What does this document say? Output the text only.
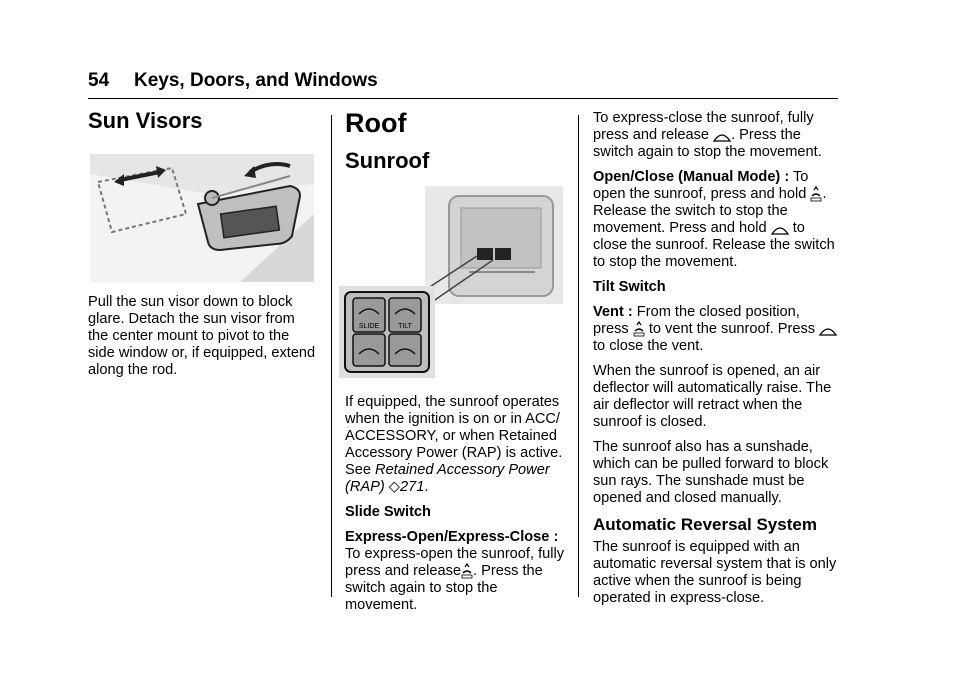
54 Keys, Doors, and Windows
Sun Visors

Pull the sun visor down to block glare. Detach the sun visor from the center mount to pivot to the side window or, if equipped, extend along the rod.

Roof
Sunroof
SLIDE	TILT

If equipped, the sunroof operates when the ignition is on or in ACC/ ACCESSORY, or when Retained Accessory Power (RAP) is active. See Retained Accessory Power (RAP) ◇271.

Slide Switch

Express-Open/Express-Close : To express-open the sunroof, fully press and release . Press the switch again to stop the movement.

To express-close the sunroof, fully press and release . Press the switch again to stop the movement.

Open/Close (Manual Mode) : To open the sunroof, press and hold . Release the switch to stop the movement. Press and hold to close the sunroof. Release the switch to stop the movement.

Tilt Switch

Vent : From the closed position, press to vent the sunroof. Press
to close the vent.

When the sunroof is opened, an air deflector will automatically raise. The air deflector will retract when the sunroof is closed.

The sunroof also has a sunshade, which can be pulled forward to block sun rays. The sunshade must be opened and closed manually.

Automatic Reversal System

The sunroof is equipped with an automatic reversal system that is only active when the sunroof is being operated in express-close.
